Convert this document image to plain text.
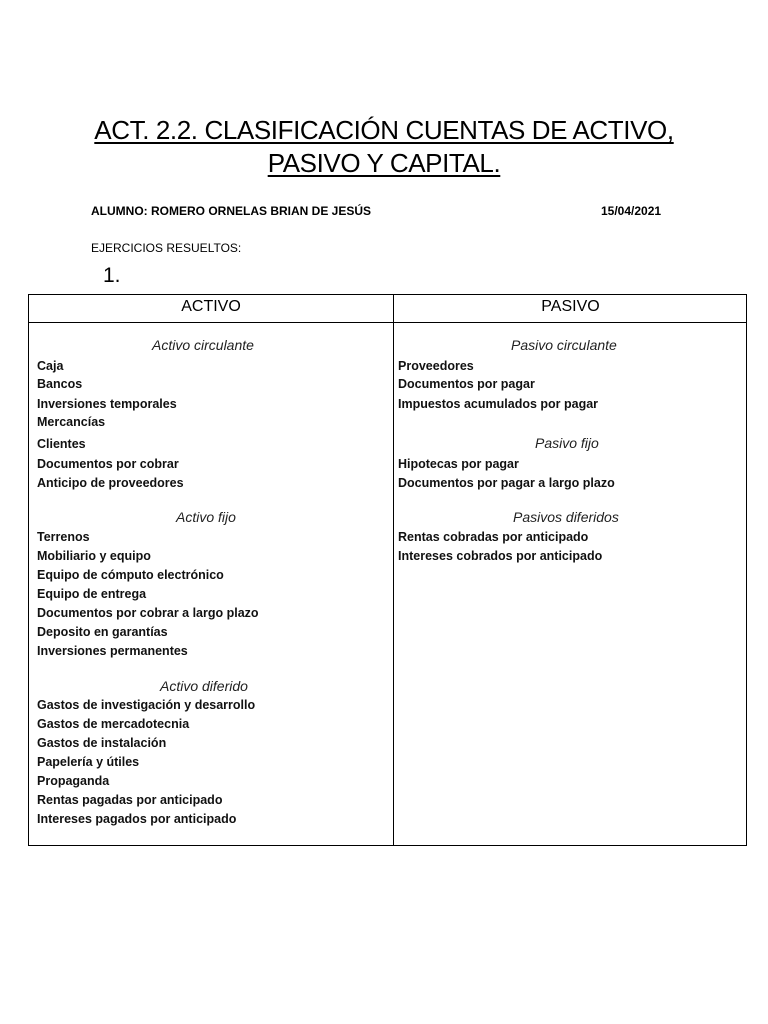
ACT. 2.2. CLASIFICACIÓN CUENTAS DE ACTIVO,
PASIVO Y CAPITAL.
ALUMNO: ROMERO ORNELAS BRIAN DE JESÚS	15/04/2021
EJERCICIOS RESUELTOS:
1.
ACTIVO	PASIVO
Activo circulante
Caja
Bancos
Inversiones temporales
Mercancías
Clientes
Documentos por cobrar
Anticipo de proveedores
Activo fijo
Terrenos
Mobiliario y equipo
Equipo de cómputo electrónico
Equipo de entrega
Documentos por cobrar a largo plazo
Deposito en garantías
Inversiones permanentes
Activo diferido
Gastos de investigación y desarrollo
Gastos de mercadotecnia
Gastos de instalación
Papelería y útiles
Propaganda
Rentas pagadas por anticipado
Intereses pagados por anticipado
Pasivo circulante
Proveedores
Documentos por pagar
Impuestos acumulados por pagar
Pasivo fijo
Hipotecas por pagar
Documentos por pagar a largo plazo
Pasivos diferidos
Rentas cobradas por anticipado
Intereses cobrados por anticipado
